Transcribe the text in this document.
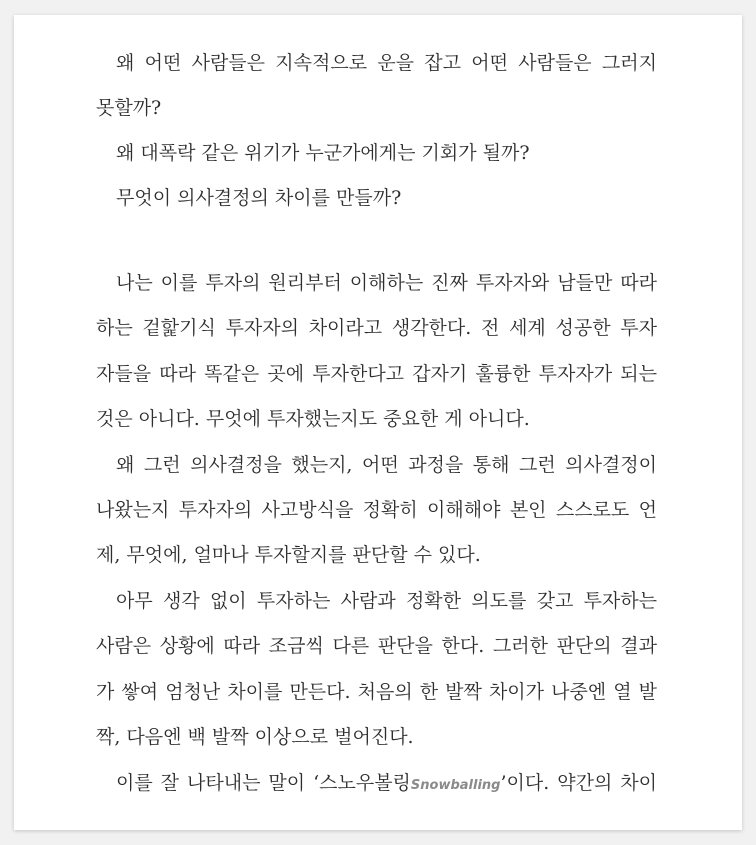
왜 어떤 사람들은 지속적으로 운을 잡고 어떤 사람들은 그러지
못할까?
왜 대폭락 같은 위기가 누군가에게는 기회가 될까?
무엇이 의사결정의 차이를 만들까?
나는 이를 투자의 원리부터 이해하는 진짜 투자자와 남들만 따라
하는 겉핥기식 투자자의 차이라고 생각한다. 전 세계 성공한 투자
자들을 따라 똑같은 곳에 투자한다고 갑자기 훌륭한 투자자가 되는
것은 아니다. 무엇에 투자했는지도 중요한 게 아니다.
왜 그런 의사결정을 했는지, 어떤 과정을 통해 그런 의사결정이
나왔는지 투자자의 사고방식을 정확히 이해해야 본인 스스로도 언
제, 무엇에, 얼마나 투자할지를 판단할 수 있다.
아무 생각 없이 투자하는 사람과 정확한 의도를 갖고 투자하는
사람은 상황에 따라 조금씩 다른 판단을 한다. 그러한 판단의 결과
가 쌓여 엄청난 차이를 만든다. 처음의 한 발짝 차이가 나중엔 열 발
짝, 다음엔 백 발짝 이상으로 벌어진다.
이를 잘 나타내는 말이 ‘스노우볼링Snowballing’이다. 약간의 차이
